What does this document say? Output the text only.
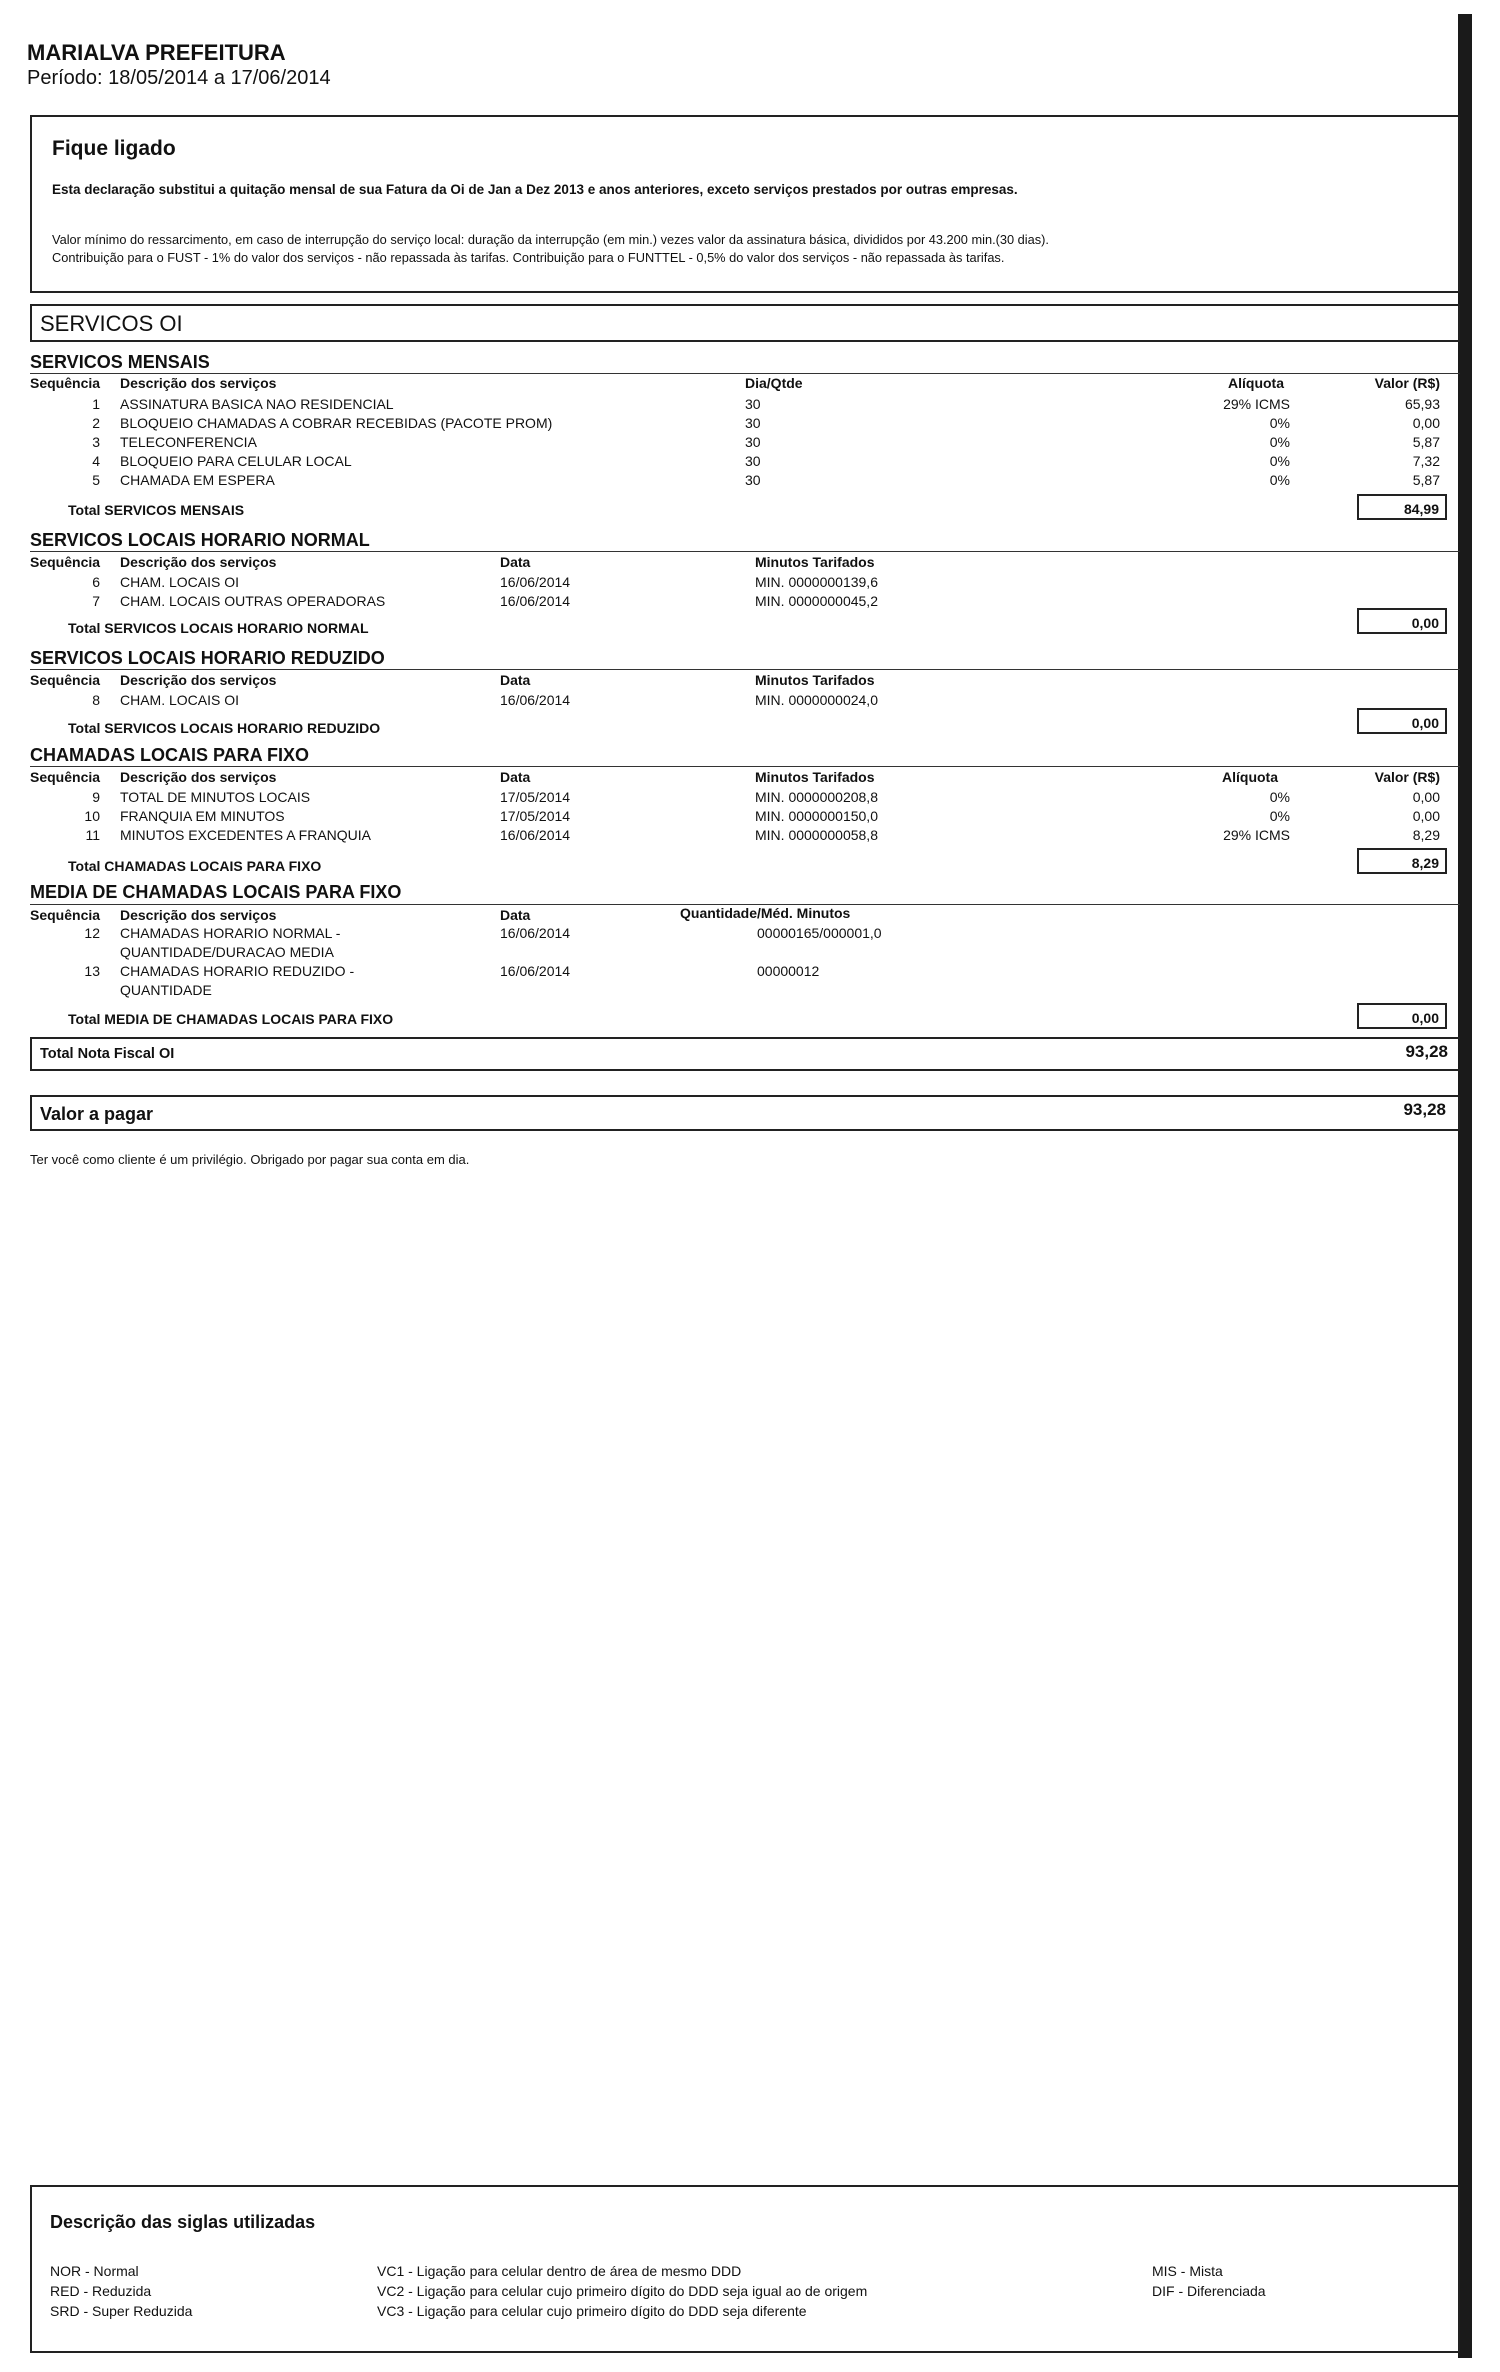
MARIALVA PREFEITURA
Período: 18/05/2014 a 17/06/2014
Fique ligado
Esta declaração substitui a quitação mensal de sua Fatura da Oi de Jan a Dez 2013 e anos anteriores, exceto serviços prestados por outras empresas.
Valor mínimo do ressarcimento, em caso de interrupção do serviço local: duração da interrupção (em min.) vezes valor da assinatura básica, divididos por 43.200 min.(30 dias).
Contribuição para o FUST - 1% do valor dos serviços - não repassada às tarifas. Contribuição para o FUNTTEL - 0,5% do valor dos serviços - não repassada às tarifas.
SERVICOS OI
SERVICOS MENSAIS
Sequência Descrição dos serviços	Dia/Qtde	Alíquota	Valor (R$)
1 ASSINATURA BASICA NAO RESIDENCIAL	30	29% ICMS	65,93
2 BLOQUEIO CHAMADAS A COBRAR RECEBIDAS (PACOTE PROM)	30	0%	0,00
3 TELECONFERENCIA	30	0%	5,87
4 BLOQUEIO PARA CELULAR LOCAL	30	0%	7,32
5 CHAMADA EM ESPERA	30	0%	5,87
Total SERVICOS MENSAIS	84,99
SERVICOS LOCAIS HORARIO NORMAL
Sequência Descrição dos serviços	Data	Minutos Tarifados
6 CHAM. LOCAIS OI	16/06/2014	MIN. 0000000139,6
7 CHAM. LOCAIS OUTRAS OPERADORAS	16/06/2014	MIN. 0000000045,2
Total SERVICOS LOCAIS HORARIO NORMAL	0,00
SERVICOS LOCAIS HORARIO REDUZIDO
Sequência Descrição dos serviços	Data	Minutos Tarifados
8 CHAM. LOCAIS OI	16/06/2014	MIN. 0000000024,0
Total SERVICOS LOCAIS HORARIO REDUZIDO	0,00
CHAMADAS LOCAIS PARA FIXO
Sequência Descrição dos serviços	Data	Minutos Tarifados	Alíquota	Valor (R$)
9 TOTAL DE MINUTOS LOCAIS	17/05/2014	MIN. 0000000208,8	0%	0,00
10 FRANQUIA EM MINUTOS	17/05/2014	MIN. 0000000150,0	0%	0,00
11 MINUTOS EXCEDENTES A FRANQUIA	16/06/2014	MIN. 0000000058,8	29% ICMS	8,29
Total CHAMADAS LOCAIS PARA FIXO	8,29
MEDIA DE CHAMADAS LOCAIS PARA FIXO
Sequência Descrição dos serviços	Data	Quantidade/Méd. Minutos
12 CHAMADAS HORARIO NORMAL -
QUANTIDADE/DURACAO MEDIA
16/06/2014	00000165/000001,0
13 CHAMADAS HORARIO REDUZIDO -
QUANTIDADE
16/06/2014	00000012
Total MEDIA DE CHAMADAS LOCAIS PARA FIXO	0,00
Total Nota Fiscal OI	93,28
Valor a pagar	93,28
Ter você como cliente é um privilégio. Obrigado por pagar sua conta em dia.
Descrição das siglas utilizadas
NOR - Normal
RED - Reduzida
SRD - Super Reduzida
VC1 - Ligação para celular dentro de área de mesmo DDD
VC2 - Ligação para celular cujo primeiro dígito do DDD seja igual ao de origem
VC3 - Ligação para celular cujo primeiro dígito do DDD seja diferente
MIS - Mista
DIF - Diferenciada
